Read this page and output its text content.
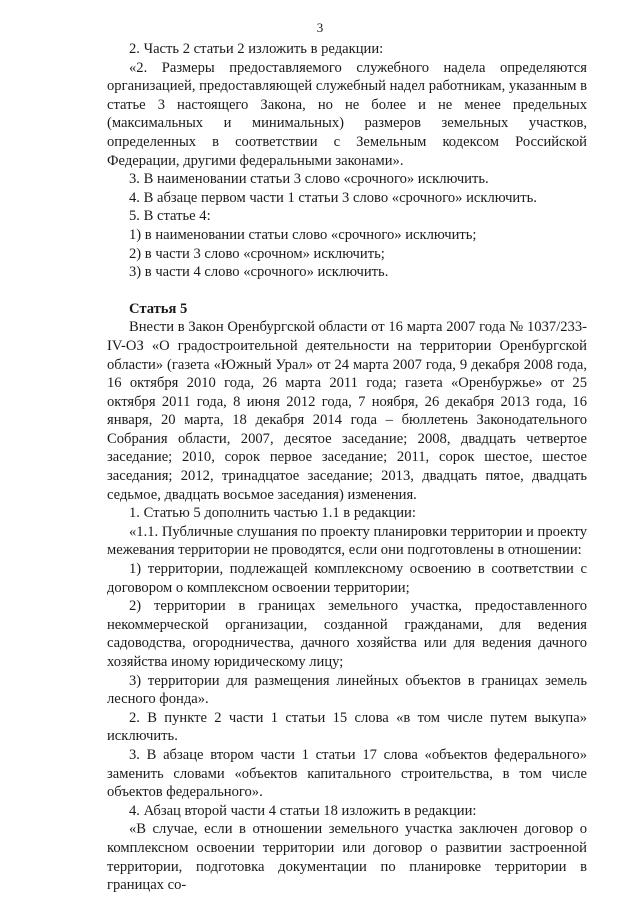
3

2. Часть 2 статьи 2 изложить в редакции:

«2. Размеры предоставляемого служебного надела определяются организацией, предоставляющей служебный надел работникам, указанным в статье 3 настоящего Закона, но не более и не менее предельных (максимальных и минимальных) размеров земельных участков, определенных в соответствии с Земельным кодексом Российской Федерации, другими федеральными законами».

3. В наименовании статьи 3 слово «срочного» исключить.

4. В абзаце первом части 1 статьи 3 слово «срочного» исключить.

5. В статье 4:

1) в наименовании статьи слово «срочного» исключить;

2) в части 3 слово «срочном» исключить;

3) в части 4 слово «срочного» исключить.

Статья 5

Внести в Закон Оренбургской области от 16 марта 2007 года № 1037/233-IV-ОЗ «О градостроительной деятельности на территории Оренбургской области» (газета «Южный Урал» от 24 марта 2007 года, 9 декабря 2008 года, 16 октября 2010 года, 26 марта 2011 года; газета «Оренбуржье» от 25 октября 2011 года, 8 июня 2012 года, 7 ноября, 26 декабря 2013 года, 16 января, 20 марта, 18 декабря 2014 года – бюллетень Законодательного Собрания области, 2007, десятое заседание; 2008, двадцать четвертое заседание; 2010, сорок первое заседание; 2011, сорок шестое, шестое заседания; 2012, тринадцатое заседание; 2013, двадцать пятое, двадцать седьмое, двадцать восьмое заседания) изменения.

1. Статью 5 дополнить частью 1.1 в редакции:

«1.1. Публичные слушания по проекту планировки территории и проекту межевания территории не проводятся, если они подготовлены в отношении:

1) территории, подлежащей комплексному освоению в соответствии с договором о комплексном освоении территории;

2) территории в границах земельного участка, предоставленного некоммерческой организации, созданной гражданами, для ведения садоводства, огородничества, дачного хозяйства или для ведения дачного хозяйства иному юридическому лицу;

3) территории для размещения линейных объектов в границах земель лесного фонда».

2. В пункте 2 части 1 статьи 15 слова «в том числе путем выкупа» исключить.

3. В абзаце втором части 1 статьи 17 слова «объектов федерального» заменить словами «объектов капитального строительства, в том числе объектов федерального».

4. Абзац второй части 4 статьи 18 изложить в редакции:

«В случае, если в отношении земельного участка заключен договор о комплексном освоении территории или договор о развитии застроенной территории, подготовка документации по планировке территории в границах со-
